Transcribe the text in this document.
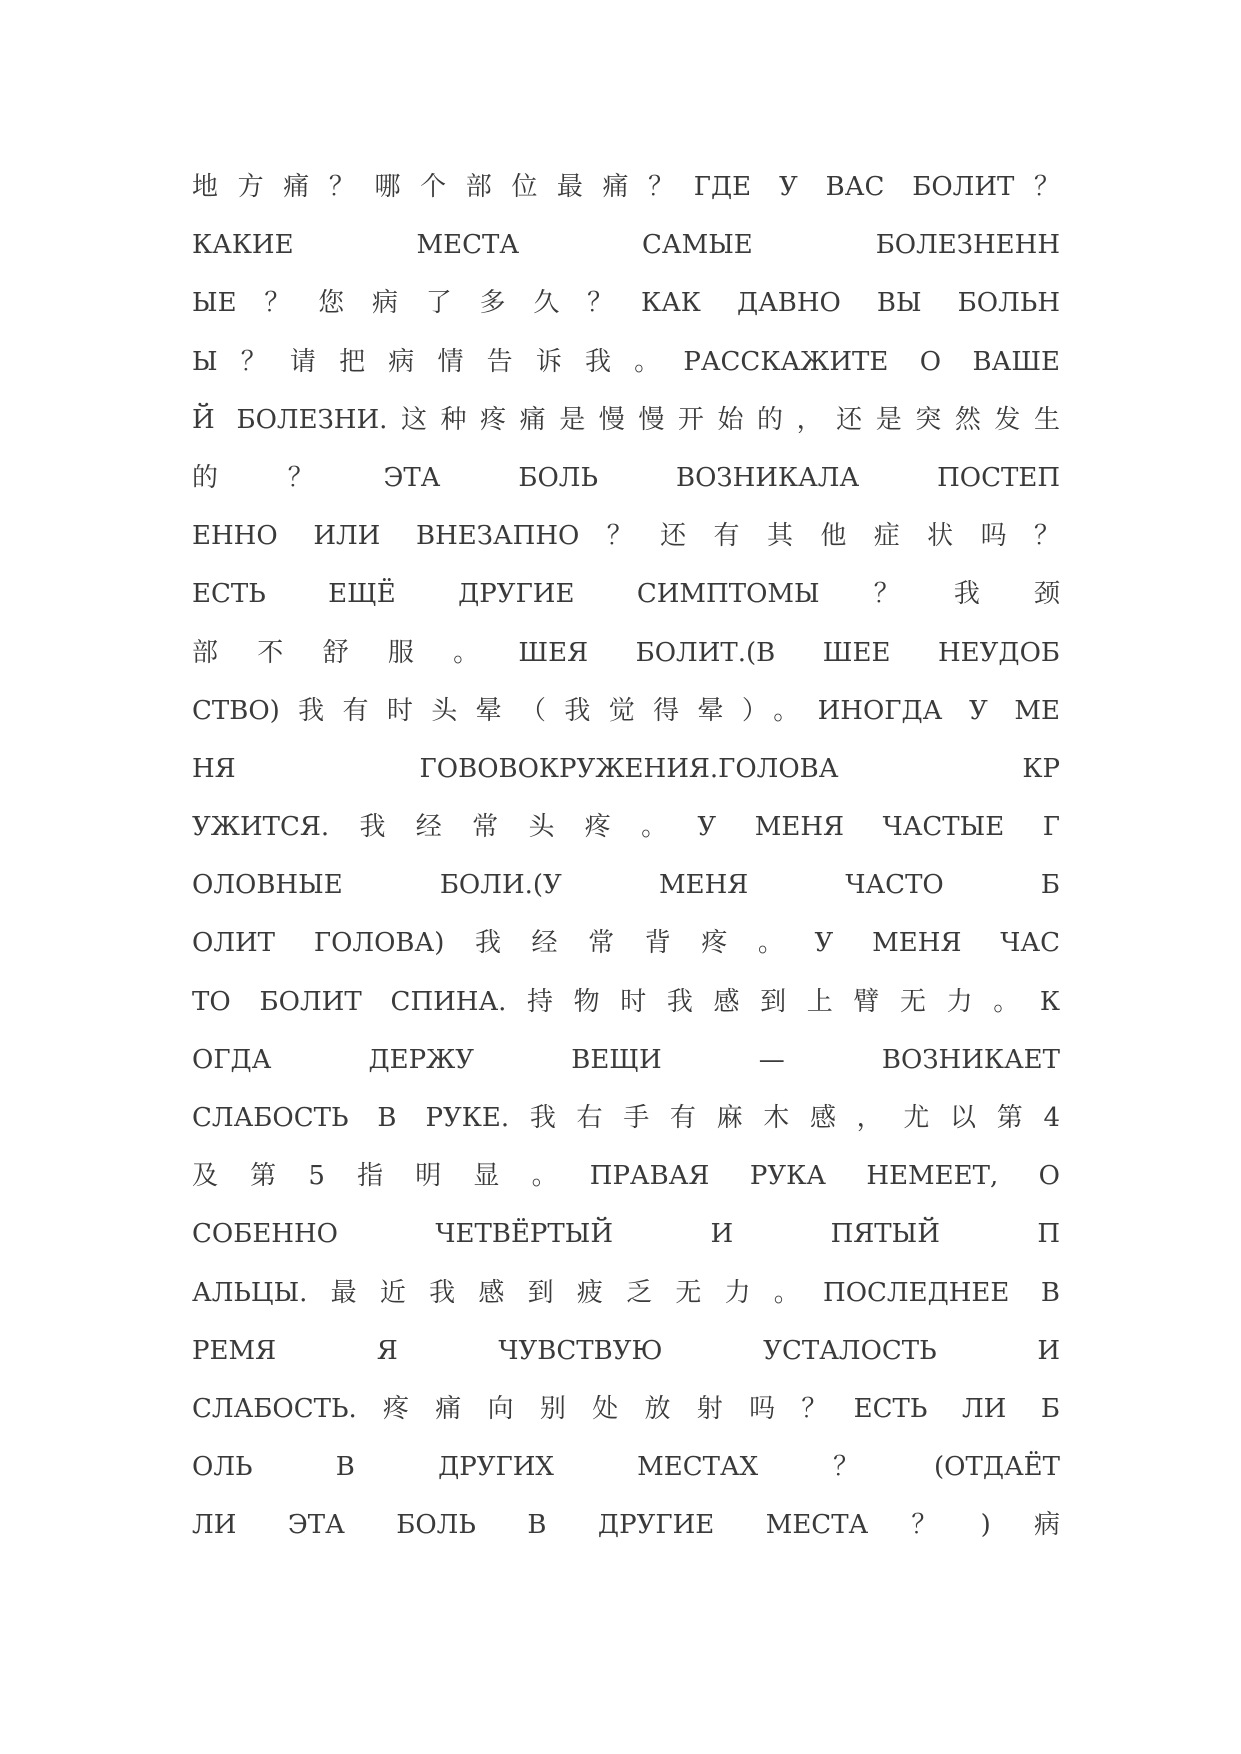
地方痛？哪个部位最痛？ГДЕ У ВАС БОЛИТ？
КАКИЕ МЕСТА САМЫЕ БОЛЕЗНЕНН
ЫЕ？您病了多久？КАК ДАВНО ВЫ БОЛЬН
Ы？请把病情告诉我。РАССКАЖИТЕ О ВАШЕ
Й БОЛЕЗНИ.这种疼痛是慢慢开始的，还是突然发生
的？ЭТА БОЛЬ ВОЗНИКАЛА ПОСТЕП
ЕННО ИЛИ ВНЕЗАПНО？还有其他症状吗？
ЕСТЬ ЕЩЁ ДРУГИЕ СИМПТОМЫ？我颈
部不舒服。ШЕЯ БОЛИТ.(В ШЕЕ НЕУДОБ
СТВО)我有时头晕（我觉得晕）。ИНОГДА У МЕ
НЯ ГОВОВОКРУЖЕНИЯ.ГОЛОВА КР
УЖИТСЯ.我经常头疼。У МЕНЯ ЧАСТЫЕ Г
ОЛОВНЫЕ БОЛИ.(У МЕНЯ ЧАСТО Б
ОЛИТ ГОЛОВА)我经常背疼。У МЕНЯ ЧАС
ТО БОЛИТ СПИНА.持物时我感到上臂无力。К
ОГДА ДЕРЖУ ВЕЩИ — ВОЗНИКАЕТ
СЛАБОСТЬ В РУКЕ.我右手有麻木感，尤以第4
及第5指明显。ПРАВАЯ РУКА НЕМЕЕТ, О
СОБЕННО ЧЕТВЁРТЫЙ И ПЯТЫЙ П
АЛЬЦЫ.最近我感到疲乏无力。ПОСЛЕДНЕЕ В
РЕМЯ Я ЧУВСТВУЮ УСТАЛОСТЬ И
СЛАБОСТЬ.疼痛向别处放射吗？ЕСТЬ ЛИ Б
ОЛЬ В ДРУГИХ МЕСТАХ？(ОТДАЁТ
ЛИ ЭТА БОЛЬ В ДРУГИЕ МЕСТА？)病
